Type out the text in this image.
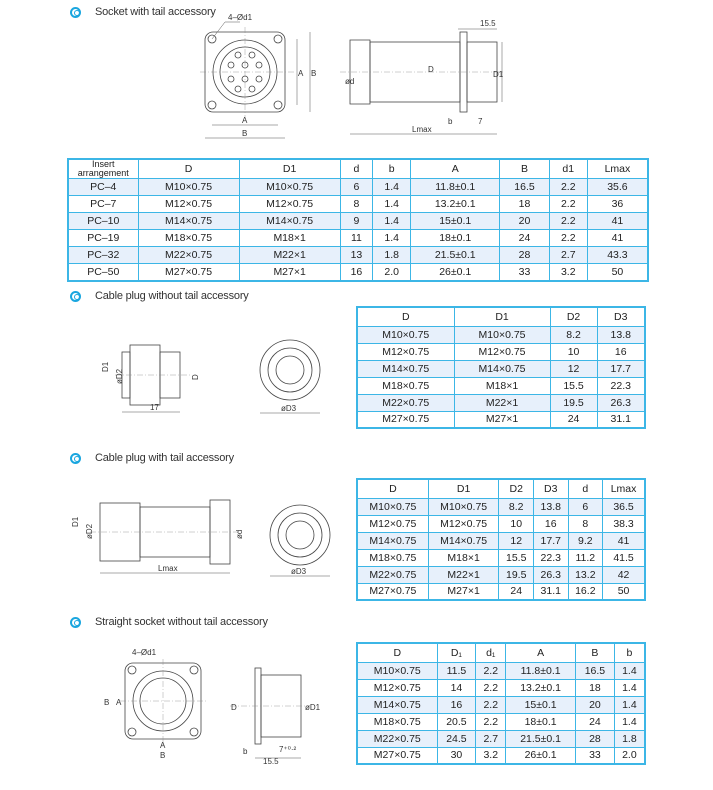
Socket with tail accessory 4–Ød1
A B
A
B
15.5
D
ød
D1
b	7
Lmax
Insert arrangement	D	D1	d	b	A	B	d1	Lmax
PC–4	M10×0.75	M10×0.75	6	1.4	11.8±0.1	16.5	2.2	35.6
PC–7	M12×0.75	M12×0.75	8	1.4	13.2±0.1	18	2.2	36
PC–10	M14×0.75	M14×0.75	9	1.4	15±0.1	20	2.2	41
PC–19	M18×0.75	M18×1	11	1.4	18±0.1	24	2.2	41
PC–32	M22×0.75	M22×1	13	1.8	21.5±0.1	28	2.7	43.3
PC–50	M27×0.75	M27×1	16	2.0	26±0.1	33	3.2	50
Cable plug without tail accessory
D1
øD2	D
17	øD3
D	D1	D2	D3
M10×0.75	M10×0.75	8.2	13.8
M12×0.75	M12×0.75	10	16
M14×0.75	M14×0.75	12	17.7
M18×0.75	M18×1	15.5	22.3
M22×0.75	M22×1	19.5	26.3
M27×0.75	M27×1	24	31.1
Cable plug with tail accessory
D1
øD2	ød
Lmax	øD3
D	D1	D2	D3	d	Lmax
M10×0.75	M10×0.75	8.2	13.8	6	36.5
M12×0.75	M12×0.75	10	16	8	38.3
M14×0.75	M14×0.75	12	17.7	9.2	41
M18×0.75	M18×1	15.5	22.3	11.2	41.5
M22×0.75	M22×1	19.5	26.3	13.2	42
M27×0.75	M27×1	24	31.1	16.2	50
Straight socket without tail accessory
4–Ød1
B A
A
B
D	øD1
b	7⁺⁰·²
15.5
D	D₁	d₁	A	B	b
M10×0.75	11.5	2.2	11.8±0.1	16.5	1.4
M12×0.75	14	2.2	13.2±0.1	18	1.4
M14×0.75	16	2.2	15±0.1	20	1.4
M18×0.75	20.5	2.2	18±0.1	24	1.4
M22×0.75	24.5	2.7	21.5±0.1	28	1.8
M27×0.75	30	3.2	26±0.1	33	2.0
